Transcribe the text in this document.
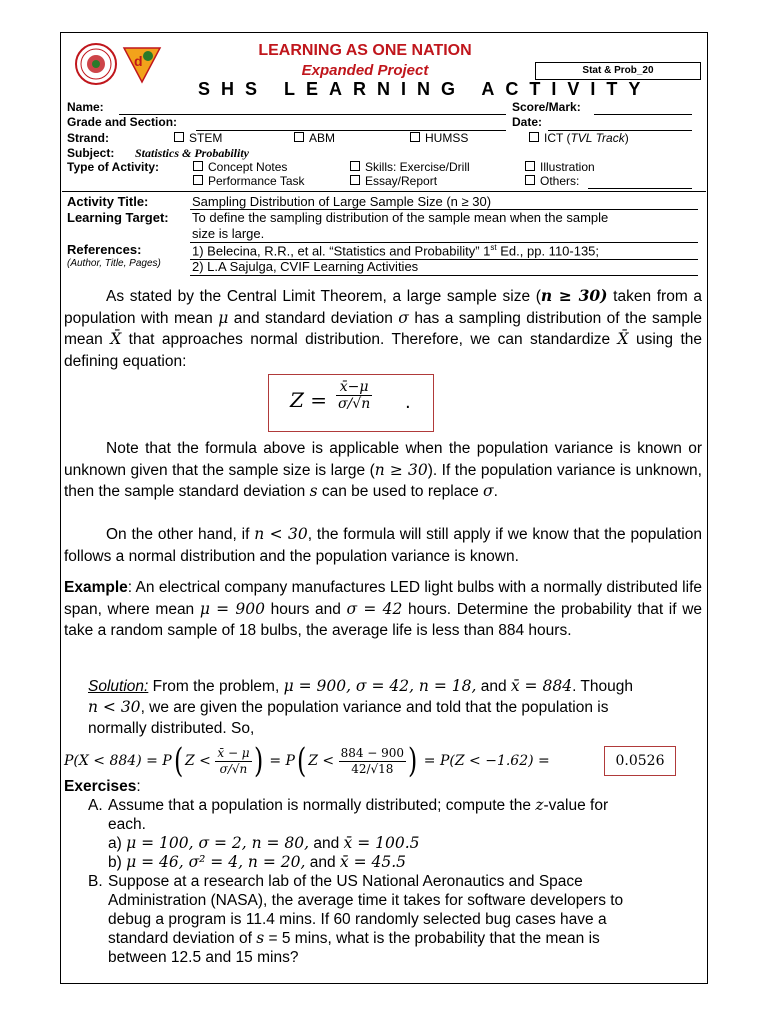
d
LEARNING AS ONE NATION
Expanded Project
SHS LEARNING ACTIVITY
Stat & Prob_20
Name:	Score/Mark:
Grade and Section:	Date:
Strand:	STEM	ABM	HUMSS	ICT (TVL Track)
Subject: Statistics & Probability
Type of Activity:	Concept Notes	Skills: Exercise/Drill	Illustration
Performance Task	Essay/Report	Others:
Activity Title:	Sampling Distribution of Large Sample Size (n ≥ 30)
Learning Target: To define the sampling distribution of the sample mean when the sample
size is large.
References:
(Author, Title, Pages)
1) Belecina, R.R., et al. “Statistics and Probability” 1st Ed., pp. 110-135;
2) L.A Sajulga, CVIF Learning Activities
As stated by the Central Limit Theorem, a large sample size (n ≥ 30) taken from a population with mean μ and standard deviation σ has a sampling distribution of the sample mean X̄ that approaches normal distribution. Therefore, we can standardize X̄ using the defining equation:
$Z = \frac{x̄-\mu}{\sigma/√n}$ .
Note that the formula above is applicable when the population variance is known or unknown given that the sample size is large (n ≥ 30). If the population variance is unknown, then the sample standard deviation s can be used to replace σ.
On the other hand, if n < 30, the formula will still apply if we know that the population follows a normal distribution and the population variance is known.
Example: An electrical company manufactures LED light bulbs with a normally distributed life span, where mean μ = 900 hours and σ = 42 hours. Determine the probability that if we take a random sample of 18 bulbs, the average life is less than 884 hours.
Solution: From the problem, μ = 900, σ = 42, n = 18, and x̄ = 884. Though
n < 30, we are given the population variance and told that the population is
normally distributed. So,
P(X < 884) = P( $Z < \frac{x̄ - \mu}{\sigma/√n}$ ) = P( $Z < \frac{884 - 900}{42/√18}$ ) = P(Z < −1.62) =	0.0526
Exercises:
A. Assume that a population is normally distributed; compute the z-value for
each.
a) μ = 100, σ = 2, n = 80, and x̄ = 100.5
b) μ = 46, σ² = 4, n = 20, and x̄ = 45.5
B. Suppose at a research lab of the US National Aeronautics and Space
Administration (NASA), the average time it takes for software developers to
debug a program is 11.4 mins. If 60 randomly selected bug cases have a
standard deviation of s = 5 mins, what is the probability that the mean is
between 12.5 and 15 mins?
